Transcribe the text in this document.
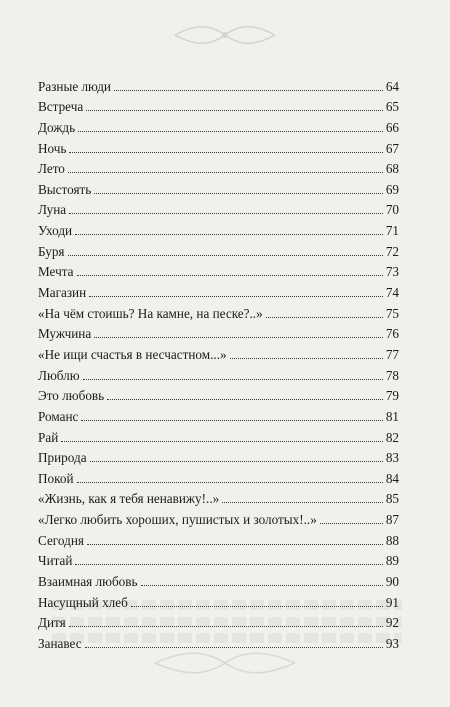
Разные люди	64
Встреча	65
Дождь	66
Ночь	67
Лето	68
Выстоять	69
Луна	70
Уходи	71
Буря	72
Мечта	73
Магазин	74
«На чём стоишь? На камне, на песке?..»	75
Мужчина	76
«Не ищи счастья в несчастном...»	77
Люблю	78
Это любовь	79
Романс	81
Рай	82
Природа	83
Покой	84
«Жизнь, как я тебя ненавижу!..»	85
«Легко любить хороших, пушистых и золотых!..»	87
Сегодня	88
Читай	89
Взаимная любовь	90
Насущный хлеб	91
Дитя	92
Занавес	93
